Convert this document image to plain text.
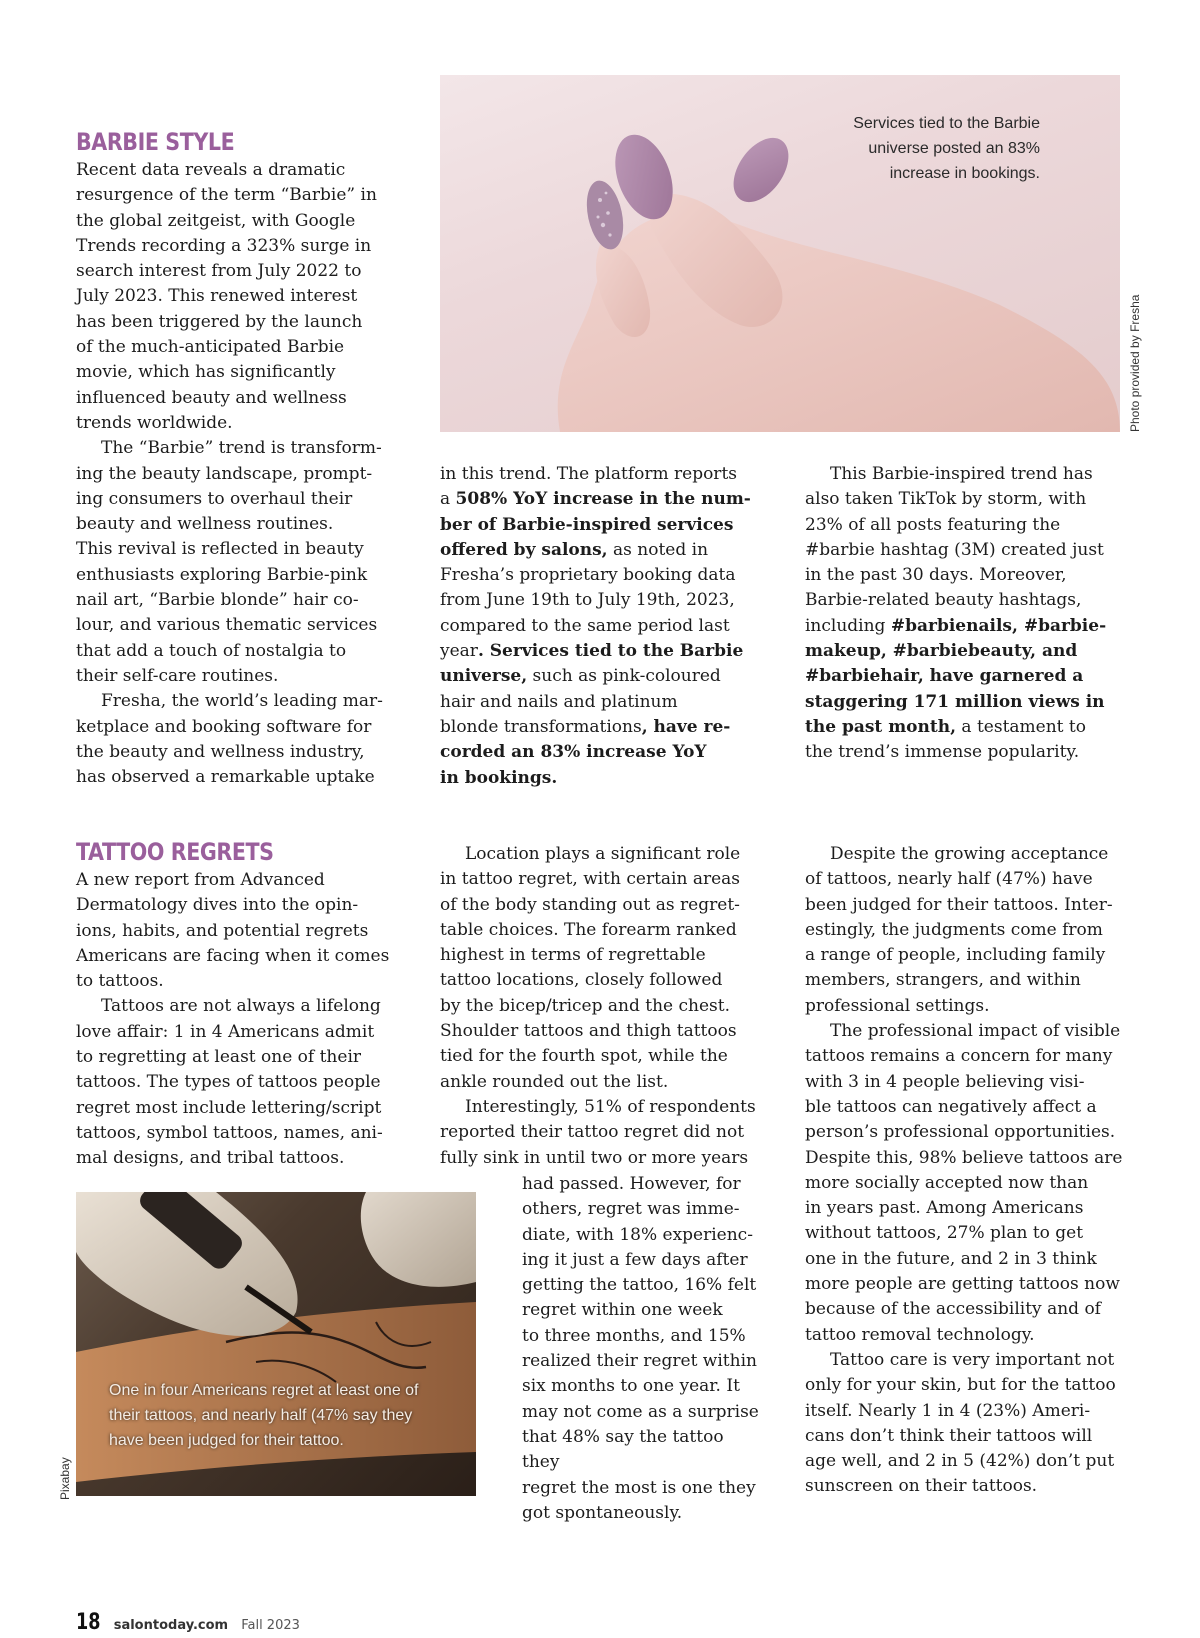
BARBIE STYLE
Services tied to the Barbie universe posted an 83% increase in bookings.
Photo provided by Fresha

Recent data reveals a dramatic
resurgence of the term “Barbie” in
the global zeitgeist, with Google
Trends recording a 323% surge in
search interest from July 2022 to
July 2023. This renewed interest
has been triggered by the launch
of the much-anticipated Barbie
movie, which has significantly
influenced beauty and wellness
trends worldwide.

The “Barbie” trend is transform-
ing the beauty landscape, prompt-
ing consumers to overhaul their
beauty and wellness routines.
This revival is reflected in beauty
enthusiasts exploring Barbie-pink
nail art, “Barbie blonde” hair co-
lour, and various thematic services
that add a touch of nostalgia to
their self-care routines.

Fresha, the world’s leading mar-
ketplace and booking software for
the beauty and wellness industry,
has observed a remarkable uptake

in this trend. The platform reports
a 508% YoY increase in the num-
ber of Barbie-inspired services
offered by salons, as noted in
Fresha’s proprietary booking data
from June 19th to July 19th, 2023,
compared to the same period last
year. Services tied to the Barbie
universe, such as pink-coloured
hair and nails and platinum
blonde transformations, have re-
corded an 83% increase YoY
in bookings.

This Barbie-inspired trend has
also taken TikTok by storm, with
23% of all posts featuring the
#barbie hashtag (3M) created just
in the past 30 days. Moreover,
Barbie-related beauty hashtags,
including #barbienails, #barbie-
makeup, #barbiebeauty, and
#barbiehair, have garnered a
staggering 171 million views in
the past month, a testament to
the trend’s immense popularity.

TATTOO REGRETS

A new report from Advanced
Dermatology dives into the opin-
ions, habits, and potential regrets
Americans are facing when it comes
to tattoos.

Tattoos are not always a lifelong
love affair: 1 in 4 Americans admit
to regretting at least one of their
tattoos. The types of tattoos people
regret most include lettering/script
tattoos, symbol tattoos, names, ani-
mal designs, and tribal tattoos.

One in four Americans regret at least one of their tattoos, and nearly half (47% say they have been judged for their tattoo.
Pixabay

Location plays a significant role
in tattoo regret, with certain areas
of the body standing out as regret-
table choices. The forearm ranked
highest in terms of regrettable
tattoo locations, closely followed
by the bicep/tricep and the chest.
Shoulder tattoos and thigh tattoos
tied for the fourth spot, while the
ankle rounded out the list.

Interestingly, 51% of respondents
reported their tattoo regret did not
fully sink in until two or more years

had passed. However, for
others, regret was imme-
diate, with 18% experienc-
ing it just a few days after
getting the tattoo, 16% felt
regret within one week
to three months, and 15%
realized their regret within
six months to one year. It
may not come as a surprise
that 48% say the tattoo they
regret the most is one they
got spontaneously.

Despite the growing acceptance
of tattoos, nearly half (47%) have
been judged for their tattoos. Inter-
estingly, the judgments come from
a range of people, including family
members, strangers, and within
professional settings.

The professional impact of visible
tattoos remains a concern for many
with 3 in 4 people believing visi-
ble tattoos can negatively affect a
person’s professional opportunities.
Despite this, 98% believe tattoos are
more socially accepted now than
in years past. Among Americans
without tattoos, 27% plan to get
one in the future, and 2 in 3 think
more people are getting tattoos now
because of the accessibility and of
tattoo removal technology.

Tattoo care is very important not
only for your skin, but for the tattoo
itself. Nearly 1 in 4 (23%) Ameri-
cans don’t think their tattoos will
age well, and 2 in 5 (42%) don’t put
sunscreen on their tattoos.

18 salontoday.com Fall 2023
